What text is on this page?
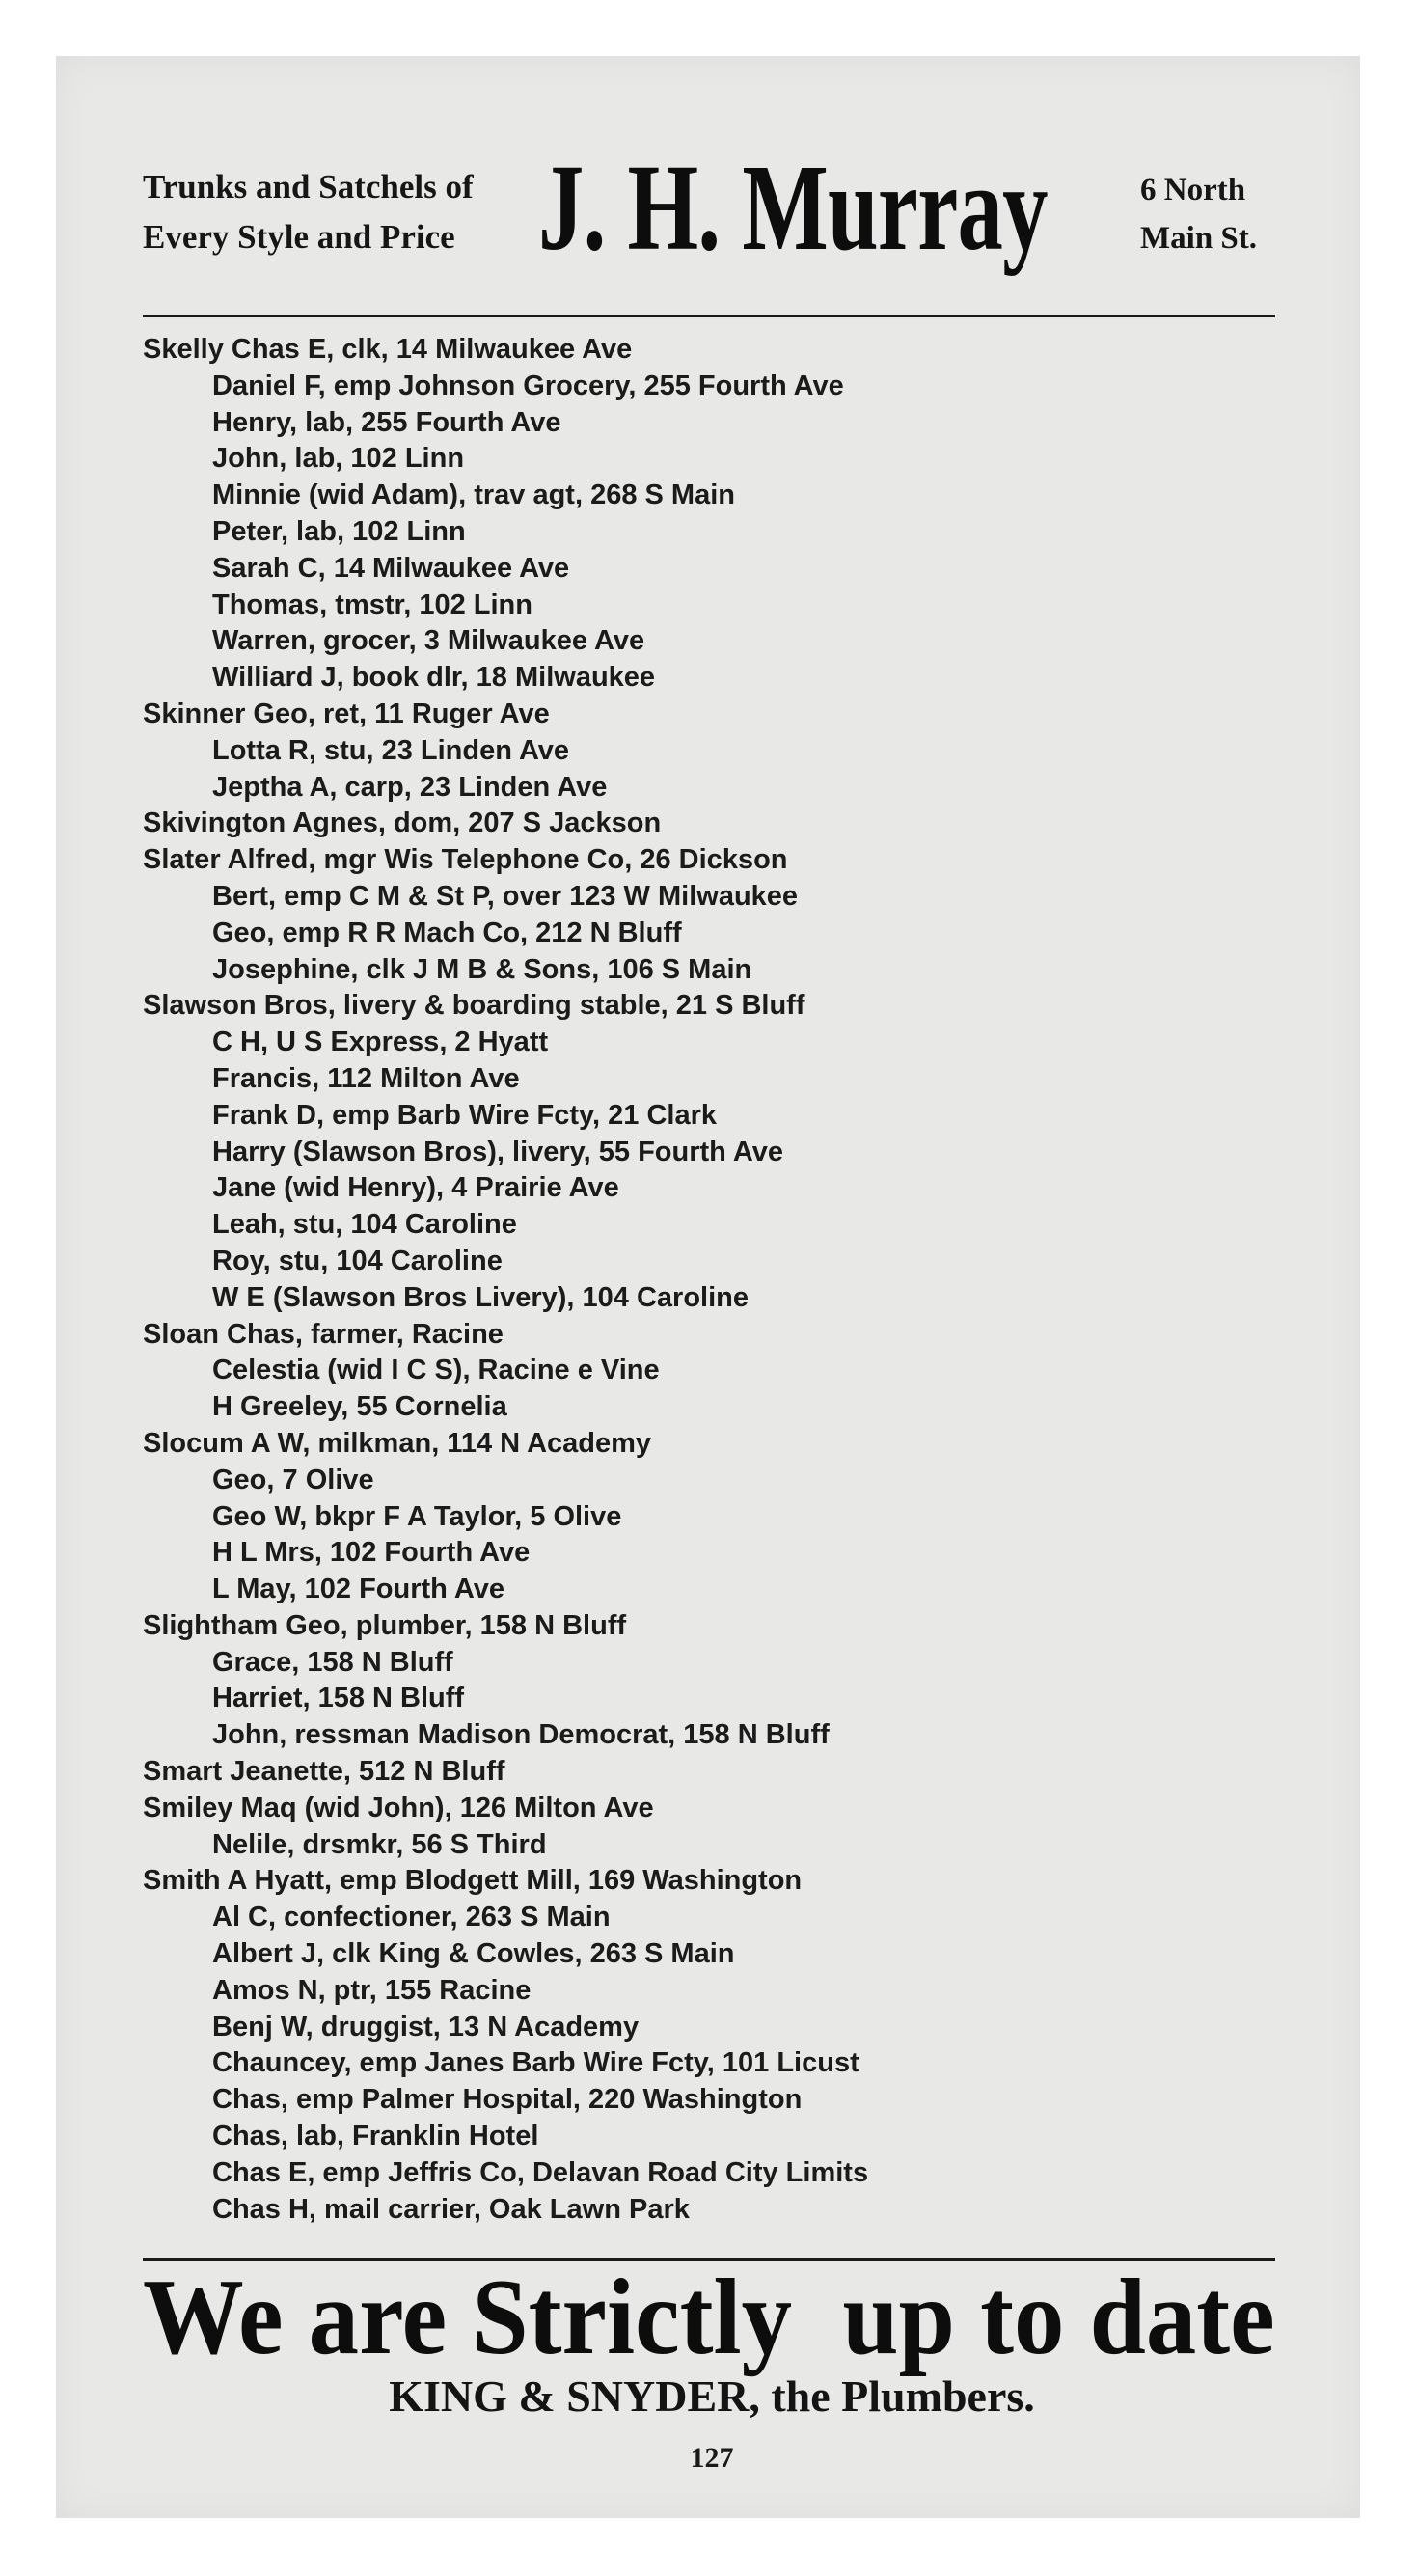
Trunks and Satchels of
Every Style and Price J. H. Murray	6 North
Main St.
Skelly Chas E, clk, 14 Milwaukee Ave
Daniel F, emp Johnson Grocery, 255 Fourth Ave
Henry, lab, 255 Fourth Ave
John, lab, 102 Linn
Minnie (wid Adam), trav agt, 268 S Main
Peter, lab, 102 Linn
Sarah C, 14 Milwaukee Ave
Thomas, tmstr, 102 Linn
Warren, grocer, 3 Milwaukee Ave
Williard J, book dlr, 18 Milwaukee
Skinner Geo, ret, 11 Ruger Ave
Lotta R, stu, 23 Linden Ave
Jeptha A, carp, 23 Linden Ave
Skivington Agnes, dom, 207 S Jackson
Slater Alfred, mgr Wis Telephone Co, 26 Dickson
Bert, emp C M & St P, over 123 W Milwaukee
Geo, emp R R Mach Co, 212 N Bluff
Josephine, clk J M B & Sons, 106 S Main
Slawson Bros, livery & boarding stable, 21 S Bluff
C H, U S Express, 2 Hyatt
Francis, 112 Milton Ave
Frank D, emp Barb Wire Fcty, 21 Clark
Harry (Slawson Bros), livery, 55 Fourth Ave
Jane (wid Henry), 4 Prairie Ave
Leah, stu, 104 Caroline
Roy, stu, 104 Caroline
W E (Slawson Bros Livery), 104 Caroline
Sloan Chas, farmer, Racine
Celestia (wid I C S), Racine e Vine
H Greeley, 55 Cornelia
Slocum A W, milkman, 114 N Academy
Geo, 7 Olive
Geo W, bkpr F A Taylor, 5 Olive
H L Mrs, 102 Fourth Ave
L May, 102 Fourth Ave
Slightham Geo, plumber, 158 N Bluff
Grace, 158 N Bluff
Harriet, 158 N Bluff
John, ressman Madison Democrat, 158 N Bluff
Smart Jeanette, 512 N Bluff
Smiley Maq (wid John), 126 Milton Ave
Nelile, drsmkr, 56 S Third
Smith A Hyatt, emp Blodgett Mill, 169 Washington
Al C, confectioner, 263 S Main
Albert J, clk King & Cowles, 263 S Main
Amos N, ptr, 155 Racine
Benj W, druggist, 13 N Academy
Chauncey, emp Janes Barb Wire Fcty, 101 Licust
Chas, emp Palmer Hospital, 220 Washington
Chas, lab, Franklin Hotel
Chas E, emp Jeffris Co, Delavan Road City Limits
Chas H, mail carrier, Oak Lawn Park
We are Strictly  up to date
KING & SNYDER, the Plumbers.
127
